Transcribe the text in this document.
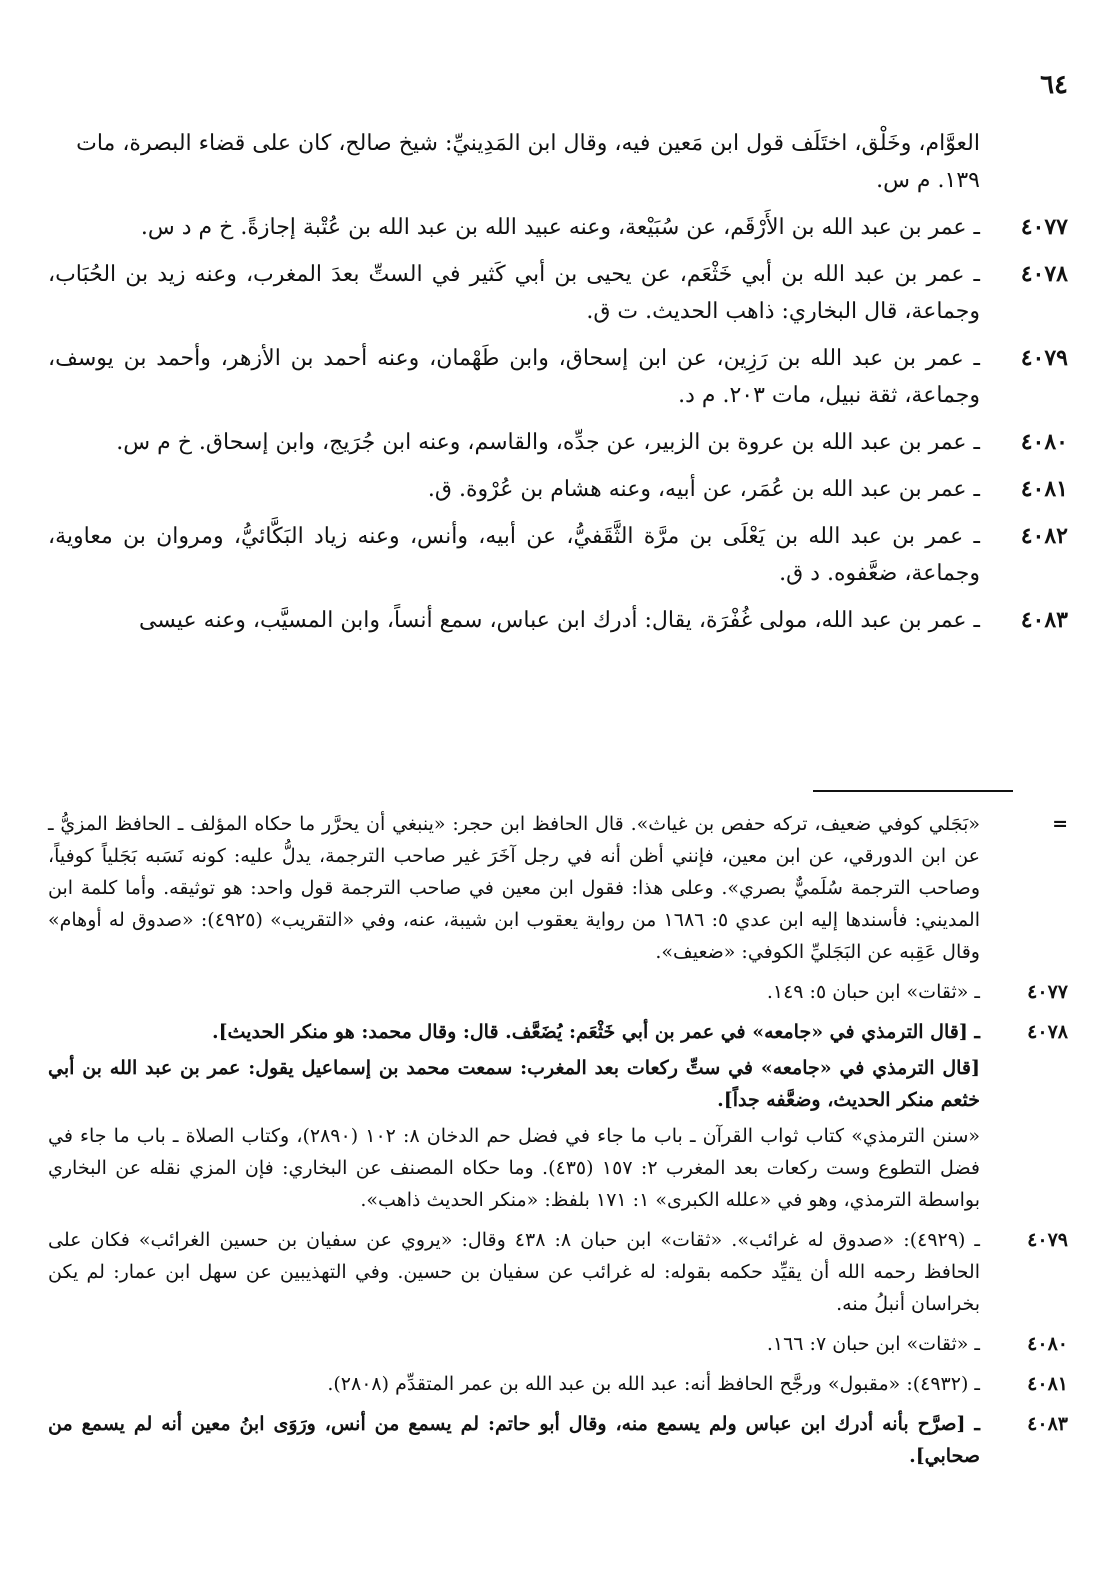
٦٤
العوَّام، وخَلْق، اختَلَف قول ابن مَعين فيه، وقال ابن المَدِينيِّ: شيخ صالح، كان على قضاء البصرة، مات ١٣٩. م س.
٤٠٧٧
ـ عمر بن عبد الله بن الأَرْقَم، عن سُبَيْعة، وعنه عبيد الله بن عبد الله بن عُتْبة إجازةً. خ م د س.
٤٠٧٨
ـ عمر بن عبد الله بن أبي خَثْعَم، عن يحيى بن أبي كَثير في الستِّ بعدَ المغرب، وعنه زيد بن الحُبَاب، وجماعة، قال البخاري: ذاهب الحديث. ت ق.
٤٠٧٩
ـ عمر بن عبد الله بن رَزِين، عن ابن إسحاق، وابن طَهْمان، وعنه أحمد بن الأزهر، وأحمد بن يوسف، وجماعة، ثقة نبيل، مات ٢٠٣. م د.
٤٠٨٠
ـ عمر بن عبد الله بن عروة بن الزبير، عن جدِّه، والقاسم، وعنه ابن جُرَيج، وابن إسحاق. خ م س.
٤٠٨١
ـ عمر بن عبد الله بن عُمَر، عن أبيه، وعنه هشام بن عُرْوة. ق.
٤٠٨٢
ـ عمر بن عبد الله بن يَعْلَى بن مرَّة الثَّقَفيُّ، عن أبيه، وأنس، وعنه زياد البَكَّائيُّ، ومروان بن معاوية، وجماعة، ضعَّفوه. د ق.
٤٠٨٣
ـ عمر بن عبد الله، مولى غُفْرَة، يقال: أدرك ابن عباس، سمع أنساً، وابن المسيَّب، وعنه عيسى
=
«بَجَلي كوفي ضعيف، تركه حفص بن غياث». قال الحافظ ابن حجر: «ينبغي أن يحرَّر ما حكاه المؤلف ـ الحافظ المزيُّ ـ عن ابن الدورقي، عن ابن معين، فإنني أظن أنه في رجل آخَرَ غير صاحب الترجمة، يدلُّ عليه: كونه نَسَبه بَجَلياً كوفياً، وصاحب الترجمة سُلَميٌّ بصري». وعلى هذا: فقول ابن معين في صاحب الترجمة قول واحد: هو توثيقه. وأما كلمة ابن المديني: فأسندها إليه ابن عدي ٥: ١٦٨٦ من رواية يعقوب ابن شيبة، عنه، وفي «التقريب» (٤٩٢٥): «صدوق له أوهام» وقال عَقِبه عن البَجَليِّ الكوفي: «ضعيف».
٤٠٧٧
ـ «ثقات» ابن حبان ٥: ١٤٩.
٤٠٧٨
ـ [قال الترمذي في «جامعه» في عمر بن أبي خَثْعَم: يُضَعَّف. قال: وقال محمد: هو منكر الحديث].
[قال الترمذي في «جامعه» في ستِّ ركعات بعد المغرب: سمعت محمد بن إسماعيل يقول: عمر بن عبد الله بن أبي خثعم منكر الحديث، وضعَّفه جداً].
«سنن الترمذي» كتاب ثواب القرآن ـ باب ما جاء في فضل حم الدخان ٨: ١٠٢ (٢٨٩٠)، وكتاب الصلاة ـ باب ما جاء في فضل التطوع وست ركعات بعد المغرب ٢: ١٥٧ (٤٣٥). وما حكاه المصنف عن البخاري: فإن المزي نقله عن البخاري بواسطة الترمذي، وهو في «علله الكبرى» ١: ١٧١ بلفظ: «منكر الحديث ذاهب».
٤٠٧٩
ـ (٤٩٢٩): «صدوق له غرائب». «ثقات» ابن حبان ٨: ٤٣٨ وقال: «يروي عن سفيان بن حسين الغرائب» فكان على الحافظ رحمه الله أن يقيِّد حكمه بقوله: له غرائب عن سفيان بن حسين. وفي التهذيبين عن سهل ابن عمار: لم يكن بخراسان أنبلُ منه.
٤٠٨٠
ـ «ثقات» ابن حبان ٧: ١٦٦.
٤٠٨١
ـ (٤٩٣٢): «مقبول» ورجَّح الحافظ أنه: عبد الله بن عبد الله بن عمر المتقدِّم (٢٨٠٨).
٤٠٨٣
ـ [صرَّح بأنه أدرك ابن عباس ولم يسمع منه، وقال أبو حاتم: لم يسمع من أنس، ورَوَى ابنُ معين أنه لم يسمع من صحابي].
